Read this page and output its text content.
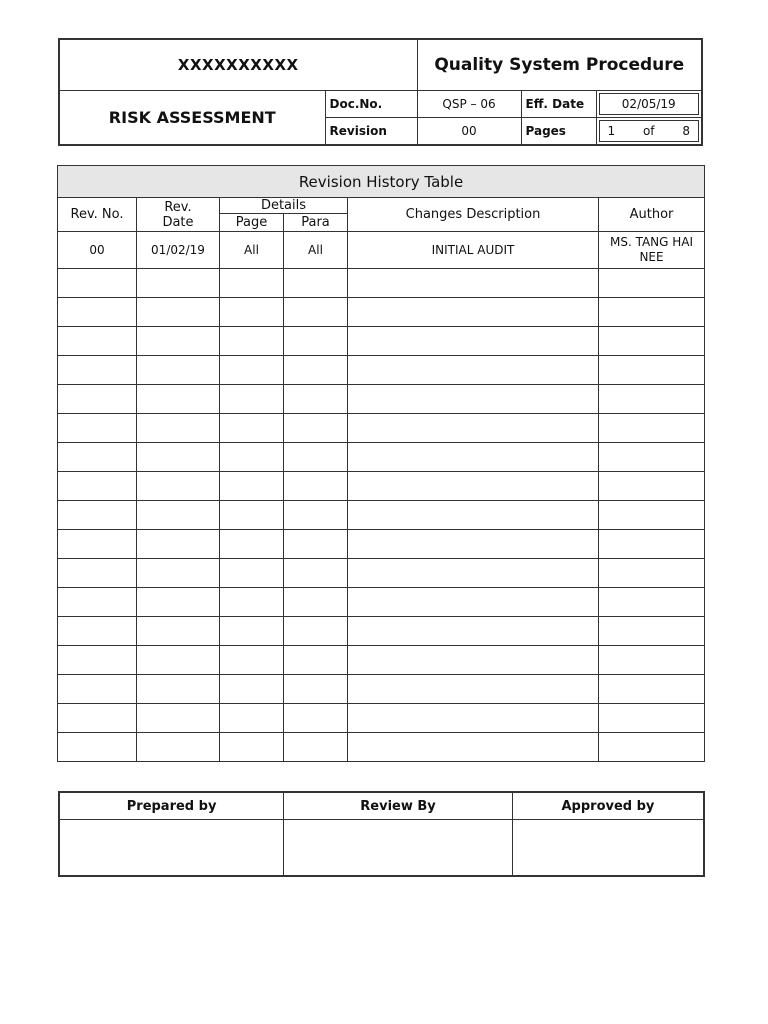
XXXXXXXXXX		Quality System Procedure		
RISK ASSESSMENT	Doc.No.	QSP – 06	Eff. Date	02/05/19

	Revision	00	Pages	1 of 8
Revision History Table					
Rev. No.	Rev. Date	Details		Changes Description	Author
		Page	Para		
00	01/02/19	All	All	INITIAL AUDIT	MS. TANG HAI NEE

Prepared by	Review By	Approved by
